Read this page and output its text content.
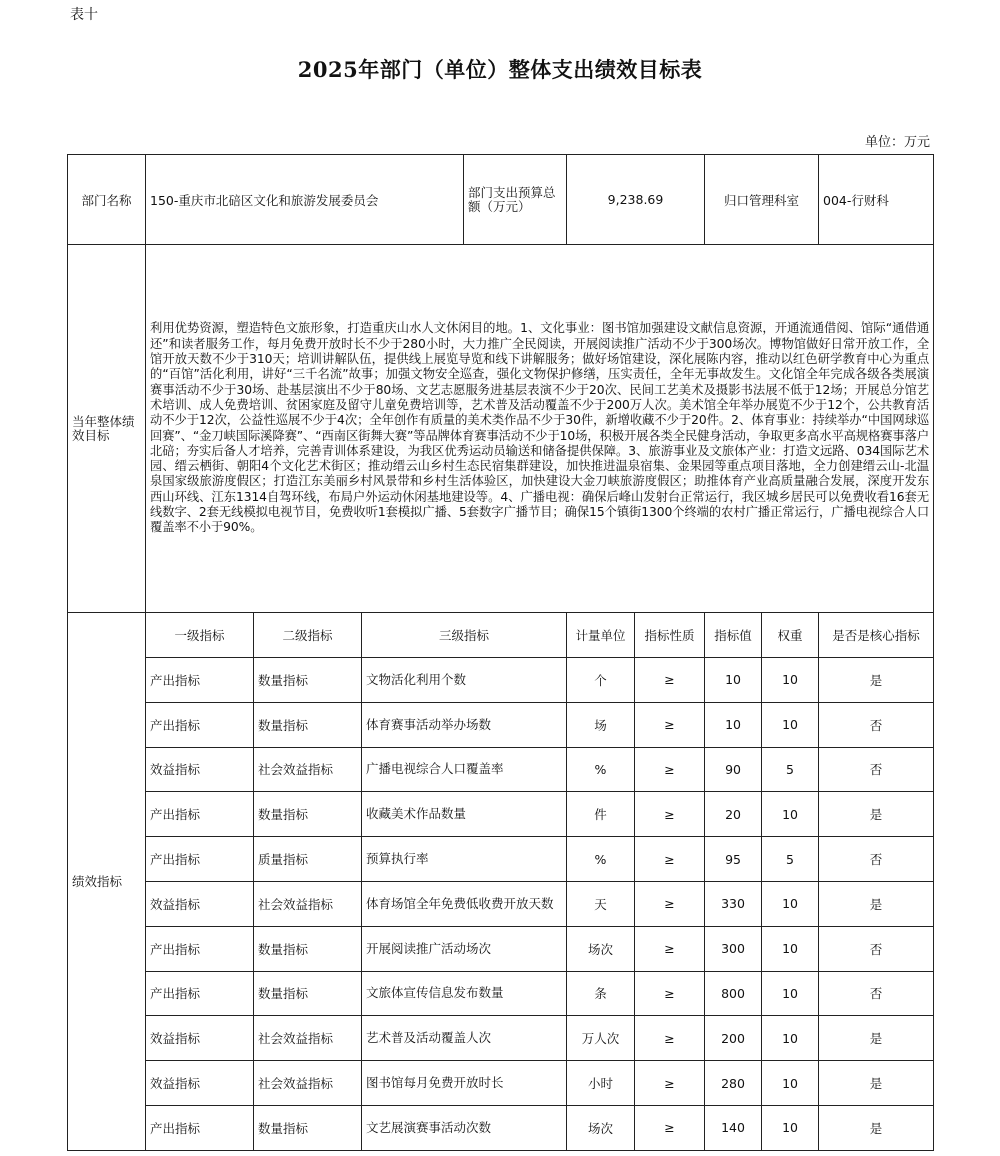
表十
2025年部门（单位）整体支出绩效目标表
单位：万元
部门名称	150-重庆市北碚区文化和旅游发展委员会			部门支出预算总额（万元）	9,238.69		归口管理科室		004-行财科
当年整体绩效目标	利用优势资源，塑造特色文旅形象，打造重庆山水人文休闲目的地。1、文化事业：图书馆加强建设文献信息资源，开通流通借阅、馆际“通借通还”和读者服务工作，每月免费开放时长不少于280小时，大力推广全民阅读，开展阅读推广活动不少于300场次。博物馆做好日常开放工作，全馆开放天数不少于310天；培训讲解队伍，提供线上展览导览和线下讲解服务；做好场馆建设，深化展陈内容，推动以红色研学教育中心为重点的“百馆”活化利用，讲好“三千名流”故事；加强文物安全巡查，强化文物保护修缮，压实责任，全年无事故发生。文化馆全年完成各级各类展演赛事活动不少于30场、赴基层演出不少于80场、文艺志愿服务进基层表演不少于20次、民间工艺美术及摄影书法展不低于12场；开展总分馆艺术培训、成人免费培训、贫困家庭及留守儿童免费培训等，艺术普及活动覆盖不少于200万人次。美术馆全年举办展览不少于12个，公共教育活动不少于12次，公益性巡展不少于4次；全年创作有质量的美术类作品不少于30件，新增收藏不少于20件。2、体育事业：持续举办“中国网球巡回赛”、“金刀峡国际溪降赛”、“西南区街舞大赛”等品牌体育赛事活动不少于10场，积极开展各类全民健身活动，争取更多高水平高规格赛事落户北碚；夯实后备人才培养，完善青训体系建设，为我区优秀运动员输送和储备提供保障。3、旅游事业及文旅体产业：打造文远路、034国际艺术园、缙云栖街、朝阳4个文化艺术街区；推动缙云山乡村生态民宿集群建设，加快推进温泉宿集、金果园等重点项目落地，全力创建缙云山-北温泉国家级旅游度假区；打造江东美丽乡村风景带和乡村生活体验区，加快建设大金刀峡旅游度假区；助推体育产业高质量融合发展，深度开发东西山环线、江东1314自驾环线，布局户外运动休闲基地建设等。4、广播电视：确保后峰山发射台正常运行，我区城乡居民可以免费收看16套无线数字、2套无线模拟电视节目，免费收听1套模拟广播、5套数字广播节目；确保15个镇街1300个终端的农村广播正常运行，广播电视综合人口覆盖率不小于90%。								
绩效指标	一级指标	二级指标	三级指标		计量单位	指标性质	指标值	权重	是否是核心指标
	产出指标	数量指标	文物活化利用个数		个	≥	10	10	是
	产出指标	数量指标	体育赛事活动举办场数		场	≥	10	10	否
	效益指标	社会效益指标	广播电视综合人口覆盖率		%	≥	90	5	否
	产出指标	数量指标	收藏美术作品数量		件	≥	20	10	是
	产出指标	质量指标	预算执行率		%	≥	95	5	否
	效益指标	社会效益指标	体育场馆全年免费低收费开放天数		天	≥	330	10	是
	产出指标	数量指标	开展阅读推广活动场次		场次	≥	300	10	否
	产出指标	数量指标	文旅体宣传信息发布数量		条	≥	800	10	否
	效益指标	社会效益指标	艺术普及活动覆盖人次		万人次	≥	200	10	是
	效益指标	社会效益指标	图书馆每月免费开放时长		小时	≥	280	10	是
	产出指标	数量指标	文艺展演赛事活动次数		场次	≥	140	10	是
